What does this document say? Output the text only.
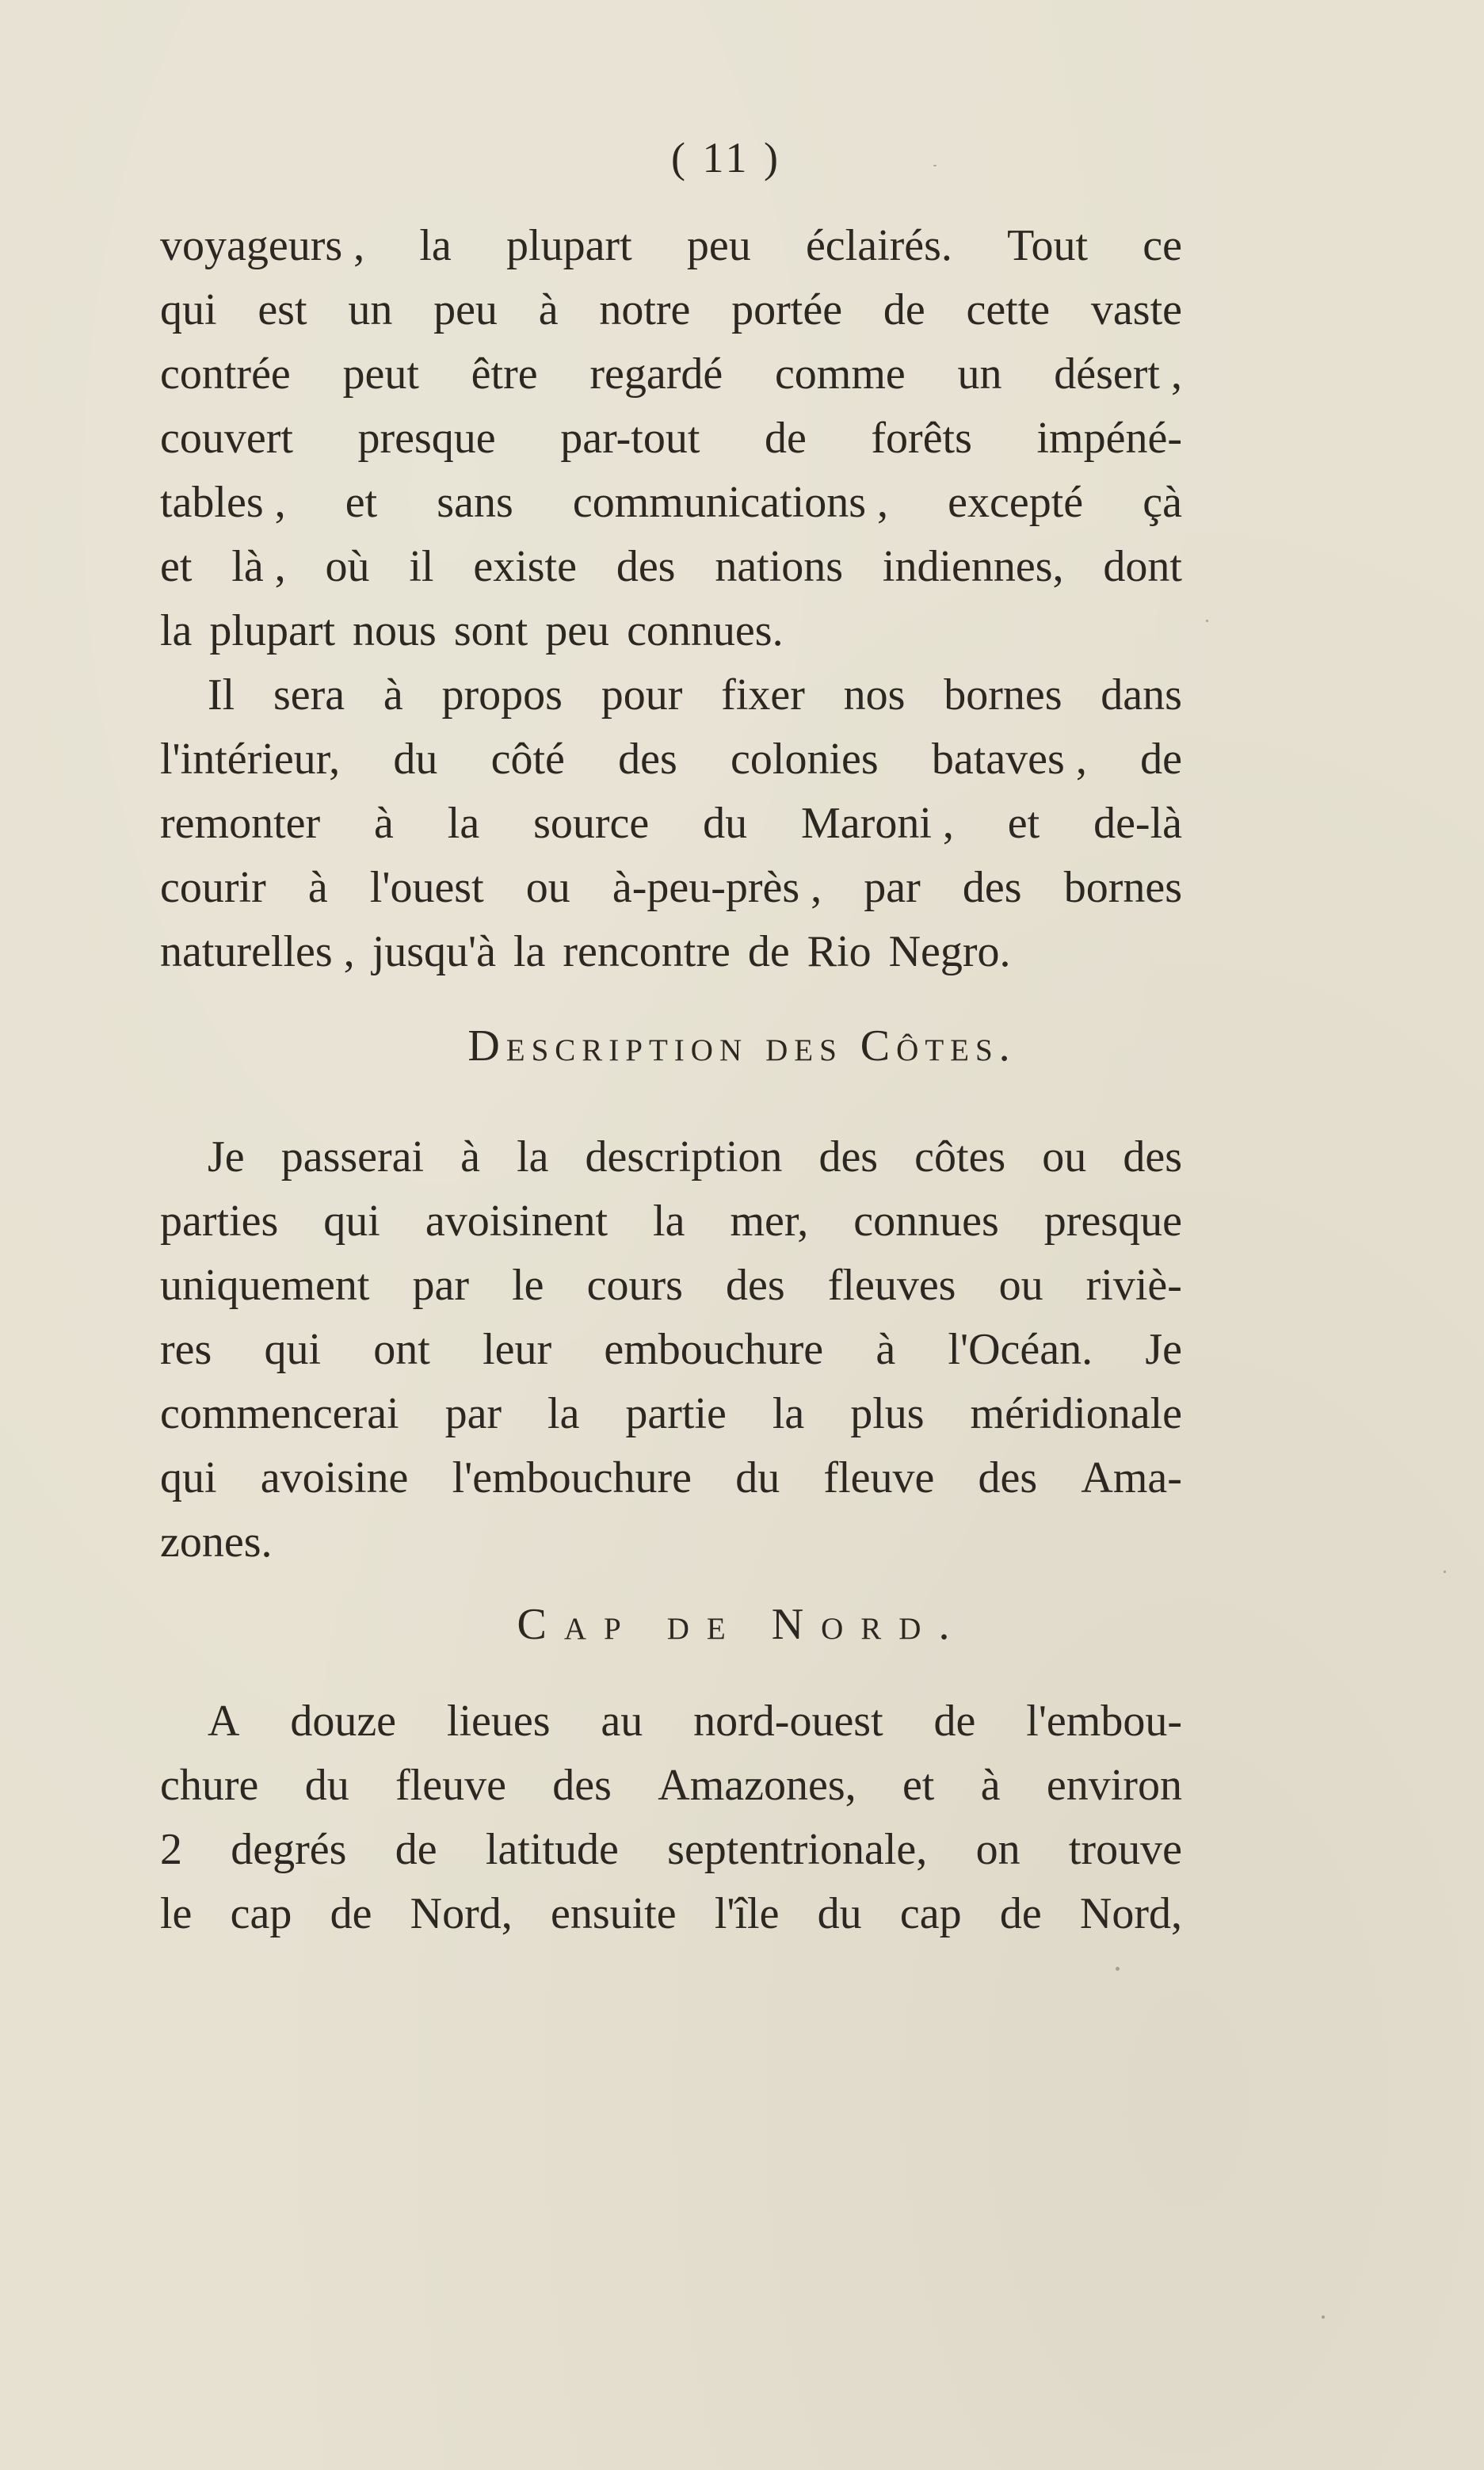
( 11 )
voyageurs , la plupart peu éclairés. Tout ce
qui est un peu à notre portée de cette vaste
contrée peut être regardé comme un désert ,
couvert presque par-tout de forêts impéné-
tables , et sans communications , excepté çà
et là , où il existe des nations indiennes, dont
la plupart nous sont peu connues.
Il sera à propos pour fixer nos bornes dans
l'intérieur, du côté des colonies bataves , de
remonter à la source du Maroni , et de-là
courir à l'ouest ou à-peu-près , par des bornes
naturelles , jusqu'à la rencontre de Rio Negro.
Description des Côtes.
Je passerai à la description des côtes ou des
parties qui avoisinent la mer, connues presque
uniquement par le cours des fleuves ou riviè-
res qui ont leur embouchure à l'Océan. Je
commencerai par la partie la plus méridionale
qui avoisine l'embouchure du fleuve des Ama-
zones.
Cap de Nord.
A douze lieues au nord-ouest de l'embou-
chure du fleuve des Amazones, et à environ
2 degrés de latitude septentrionale, on trouve
le cap de Nord, ensuite l'île du cap de Nord,
